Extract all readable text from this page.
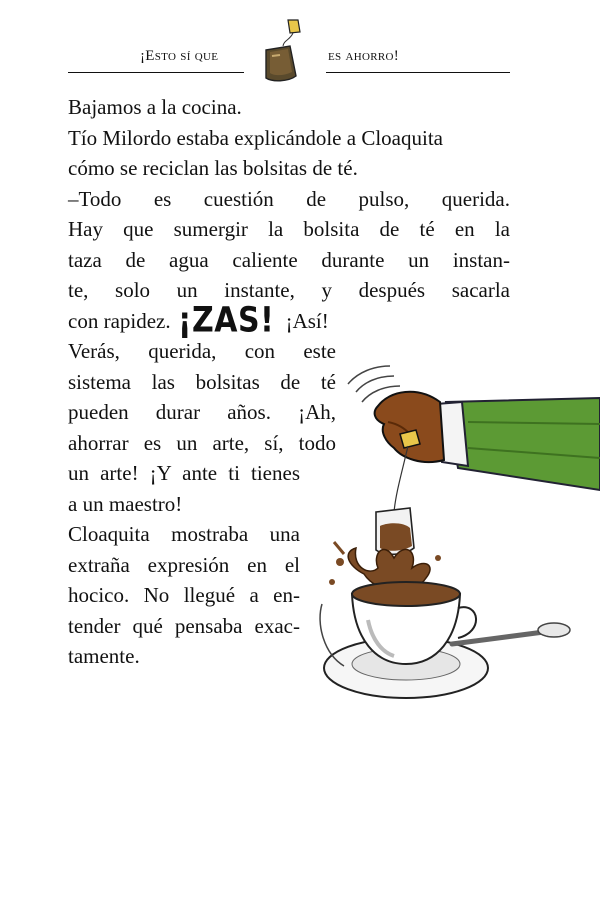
¡Esto sí que	es ahorro!

Bajamos a la cocina.

Tío Milordo estaba explicándole a Cloaquita

cómo se reciclan las bolsitas de té.

–Todo es cuestión de pulso, querida.

Hay que sumergir la bolsita de té en la

taza de agua caliente durante un instan-

te, solo un instante, y después sacarla

con rapidez. ¡ZAS! ¡Así!

Verás, querida, con este

sistema las bolsitas de té

pueden durar años. ¡Ah,

ahorrar es un arte, sí, todo

un arte! ¡Y ante ti tienes

a un maestro!

Cloaquita mostraba una

extraña expresión en el

hocico. No llegué a en-

tender qué pensaba exac-

tamente.
